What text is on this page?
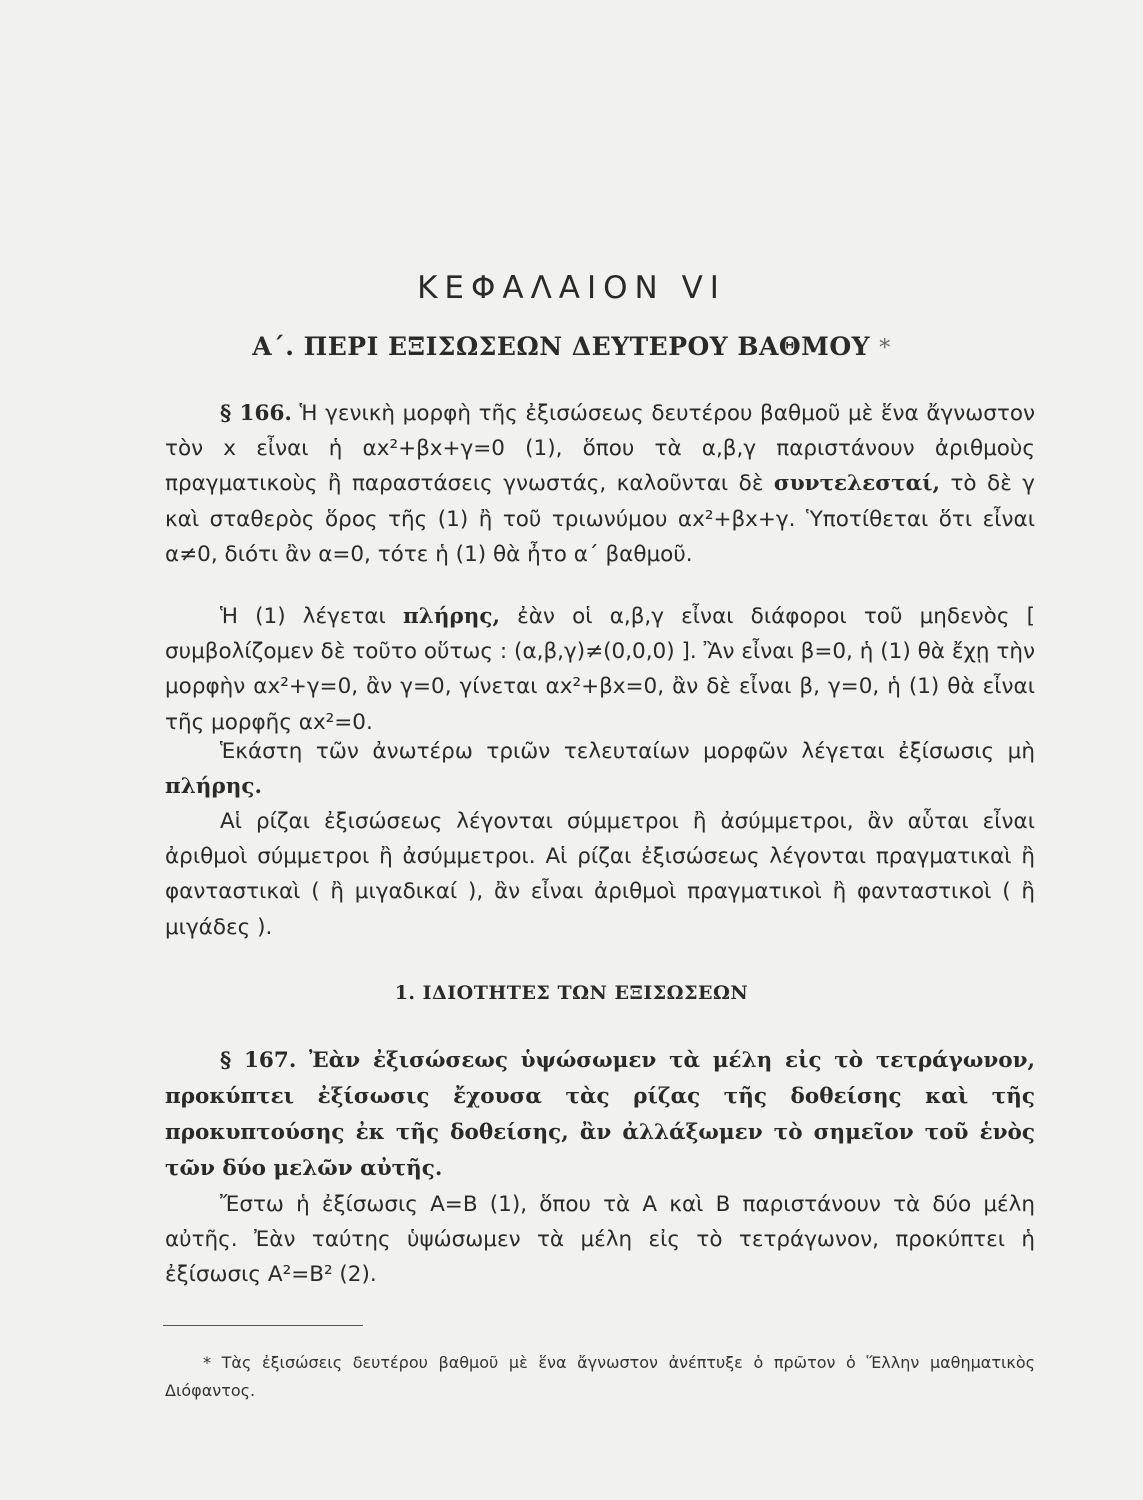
ΚΕΦΑΛΑΙΟΝ VI
Α΄. ΠΕΡΙ ΕΞΙΣΩΣΕΩΝ ΔΕΥΤΕΡΟΥ ΒΑΘΜΟΥ *
§ 166. Ἡ γενικὴ μορφὴ τῆς ἐξισώσεως δευτέρου βαθμοῦ μὲ ἕνα ἄγνωστον τὸν x εἶναι ἡ αx²+βx+γ=0 (1), ὅπου τὰ α,β,γ παριστάνουν ἀριθμοὺς πραγματικοὺς ἢ παραστάσεις γνωστάς, καλοῦνται δὲ συντελεσταί, τὸ δὲ γ καὶ σταθερὸς ὅρος τῆς (1) ἢ τοῦ τριωνύμου αx²+βx+γ. Ὑποτίθεται ὅτι εἶναι α≠0, διότι ἂν α=0, τότε ἡ (1) θὰ ἦτο α΄ βαθμοῦ.
Ἡ (1) λέγεται πλήρης, ἐὰν οἱ α,β,γ εἶναι διάφοροι τοῦ μηδενὸς [ συμβολίζομεν δὲ τοῦτο οὕτως : (α,β,γ)≠(0,0,0) ]. Ἂν εἶναι β=0, ἡ (1) θὰ ἔχῃ τὴν μορφὴν αx²+γ=0, ἂν γ=0, γίνεται αx²+βx=0, ἂν δὲ εἶναι β, γ=0, ἡ (1) θὰ εἶναι τῆς μορφῆς αx²=0.
Ἑκάστη τῶν ἀνωτέρω τριῶν τελευταίων μορφῶν λέγεται ἐξίσωσις μὴ πλήρης.
Αἱ ρίζαι ἐξισώσεως λέγονται σύμμετροι ἢ ἀσύμμετροι, ἂν αὗται εἶναι ἀριθμοὶ σύμμετροι ἢ ἀσύμμετροι. Αἱ ρίζαι ἐξισώσεως λέγονται πραγματικαὶ ἢ φανταστικαὶ ( ἢ μιγαδικαί ), ἂν εἶναι ἀριθμοὶ πραγματικοὶ ἢ φανταστικοὶ ( ἢ μιγάδες ).
1. ΙΔΙΟΤΗΤΕΣ ΤΩΝ ΕΞΙΣΩΣΕΩΝ
§ 167. Ἐὰν ἐξισώσεως ὑψώσωμεν τὰ μέλη εἰς τὸ τετράγωνον, προκύπτει ἐξίσωσις ἔχουσα τὰς ρίζας τῆς δοθείσης καὶ τῆς προκυπτούσης ἐκ τῆς δοθείσης, ἂν ἀλλάξωμεν τὸ σημεῖον τοῦ ἑνὸς τῶν δύο μελῶν αὐτῆς.
Ἔστω ἡ ἐξίσωσις A=B (1), ὅπου τὰ A καὶ B παριστάνουν τὰ δύο μέλη αὐτῆς. Ἐὰν ταύτης ὑψώσωμεν τὰ μέλη εἰς τὸ τετράγωνον, προκύπτει ἡ ἐξίσωσις A²=B² (2).
* Τὰς ἐξισώσεις δευτέρου βαθμοῦ μὲ ἕνα ἄγνωστον ἀνέπτυξε ὁ πρῶτον ὁ Ἕλλην μαθηματικὸς Διόφαντος.
